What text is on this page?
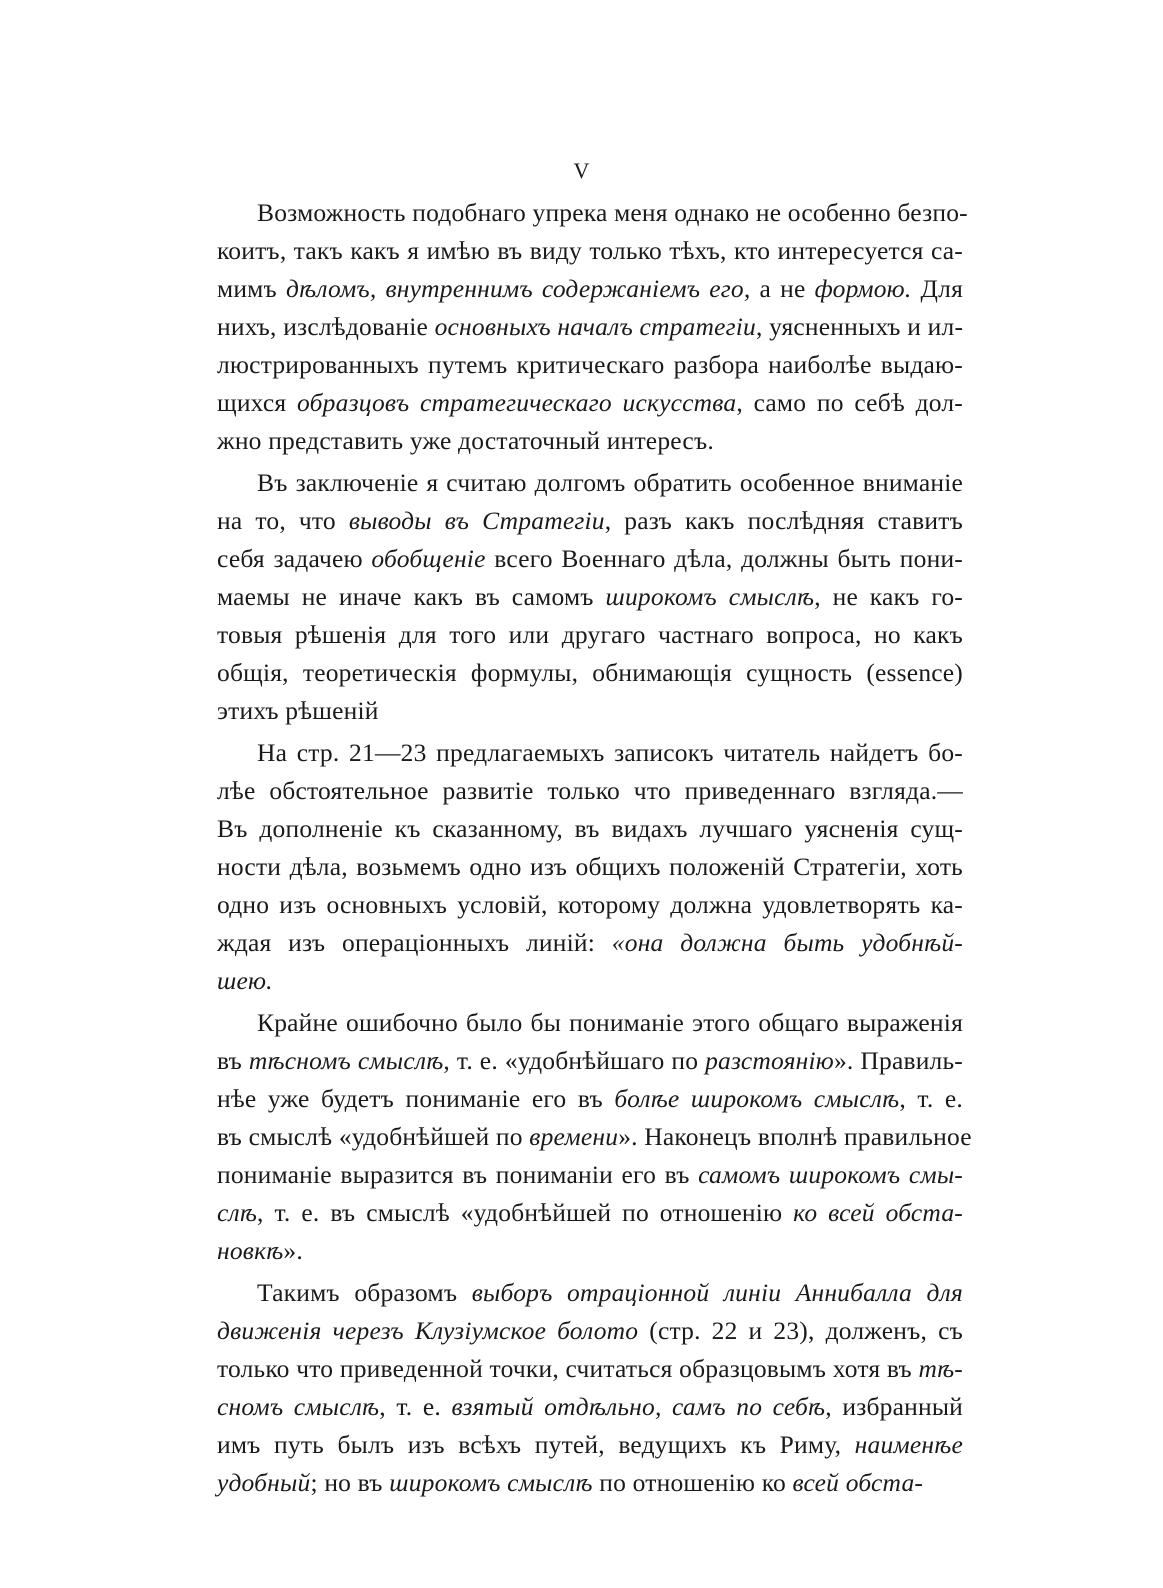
V
Возможность подобнаго упрека меня однако не особенно безпо-
коитъ, такъ какъ я имѣю въ виду только тѣхъ, кто интересуется са-
мимъ дѣломъ, внутреннимъ содержанiемъ его, а не формою. Для
нихъ, изслѣдованiе основныхъ началъ стратегiи, уясненныхъ и ил-
люстрированныхъ путемъ критическаго разбора наиболѣе выдаю-
щихся образцовъ стратегическаго искусства, само по себѣ дол-
жно представить уже достаточный интересъ.
Въ заключенiе я считаю долгомъ обратить особенное вниманiе
на то, что выводы въ Стратегiи, разъ какъ послѣдняя ставитъ
себя задачею обобщенiе всего Военнаго дѣла, должны быть пони-
маемы не иначе какъ въ самомъ широкомъ смыслѣ, не какъ го-
товыя рѣшенiя для того или другаго частнаго вопроса, но какъ
общiя, теоретическiя формулы, обнимающiя сущность (essence)
этихъ рѣшенiй
На стр. 21—23 предлагаемыхъ записокъ читатель найдетъ бо-
лѣе обстоятельное развитiе только что приведеннаго взгляда.—
Въ дополненiе къ сказанному, въ видахъ лучшаго уясненiя сущ-
ности дѣла, возьмемъ одно изъ общихъ положенiй Стратегiи, хоть
одно изъ основныхъ условiй, которому должна удовлетворять ка-
ждая изъ операцiонныхъ линiй: «она должна быть удобнѣй-
шею.
Крайне ошибочно было бы пониманiе этого общаго выраженiя
въ тѣсномъ смыслѣ, т. е. «удобнѣйшаго по разстоянiю». Правиль-
нѣе уже будетъ пониманiе его въ болѣе широкомъ смыслѣ, т. е.
въ смыслѣ «удобнѣйшей по времени». Наконецъ вполнѣ правильное
пониманiе выразится въ пониманiи его въ самомъ широкомъ смы-
слѣ, т. е. въ смыслѣ «удобнѣйшей по отношенiю ко всей обста-
новкѣ».
Такимъ образомъ выборъ отрацiонной линiи Аннибалла для
движенiя черезъ Клузiумское болото (стр. 22 и 23), долженъ, съ
только что приведенной точки, считаться образцовымъ хотя въ тѣ-
сномъ смыслѣ, т. е. взятый отдѣльно, самъ по себѣ, избранный
имъ путь былъ изъ всѣхъ путей, ведущихъ къ Риму, наименѣе
удобный; но въ широкомъ смыслѣ по отношенiю ко всей обста-
